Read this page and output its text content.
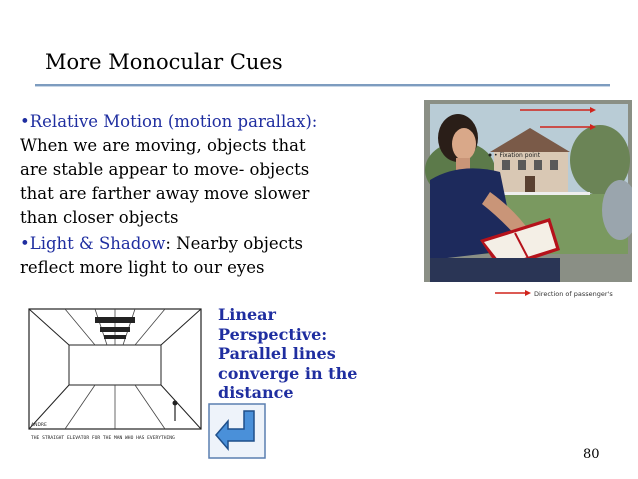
More Monocular Cues
•Relative Motion (motion parallax):
When we are moving, objects that
are stable appear to move- objects
that are farther away move slower
than closer objects
•Light & Shadow: Nearby objects
reflect more light to our eyes
• Fixation point
Direction of passenger's
ANDRE
THE STRAIGHT ELEVATOR FOR THE MAN WHO HAS EVERYTHING
Linear
Perspective:
Parallel lines
converge in the
distance
80
